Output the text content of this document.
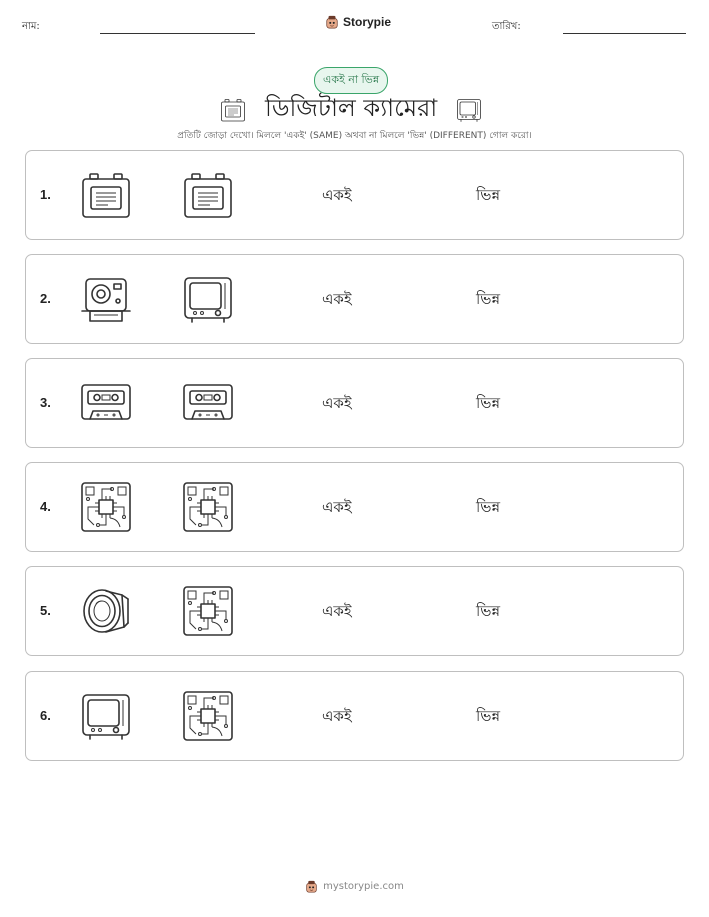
নাম:	Storypie	তারিখ:
একই না ভিন্ন
ডিজিটাল ক্যামেরা
প্রতিটি জোড়া দেখো। মিললে 'একই' (SAME) অথবা না মিললে 'ভিন্ন' (DIFFERENT) গোল করো।
1.	একই	ভিন্ন
2.	একই	ভিন্ন
3.	একই	ভিন্ন
4.	একই	ভিন্ন
5.	একই	ভিন্ন
6.	একই	ভিন্ন
mystorypie.com
